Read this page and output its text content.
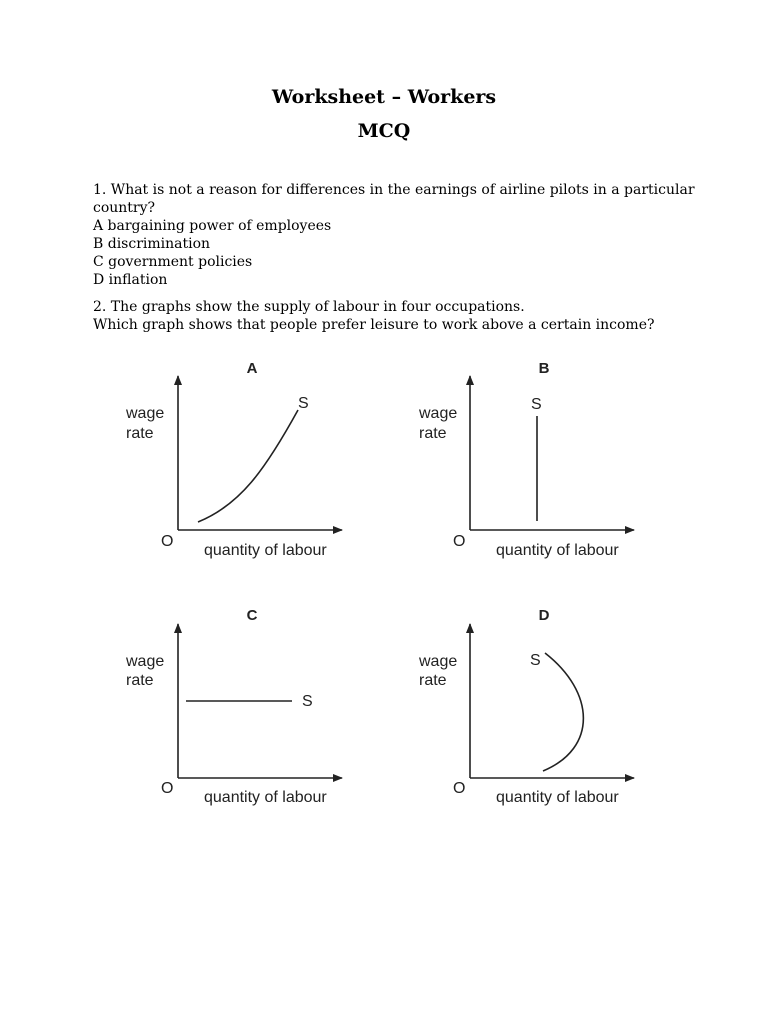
Worksheet – Workers
MCQ
1. What is not a reason for differences in the earnings of airline pilots in a particular
country?
A bargaining power of employees
B discrimination
C government policies
D inflation
2. The graphs show the supply of labour in four occupations.
Which graph shows that people prefer leisure to work above a certain income?
A
wage
rate
O
quantity of labour
S
B
wage
rate
O
quantity of labour
S
C
wage
rate
O
quantity of labour
S
D
wage
rate
O
quantity of labour
S
